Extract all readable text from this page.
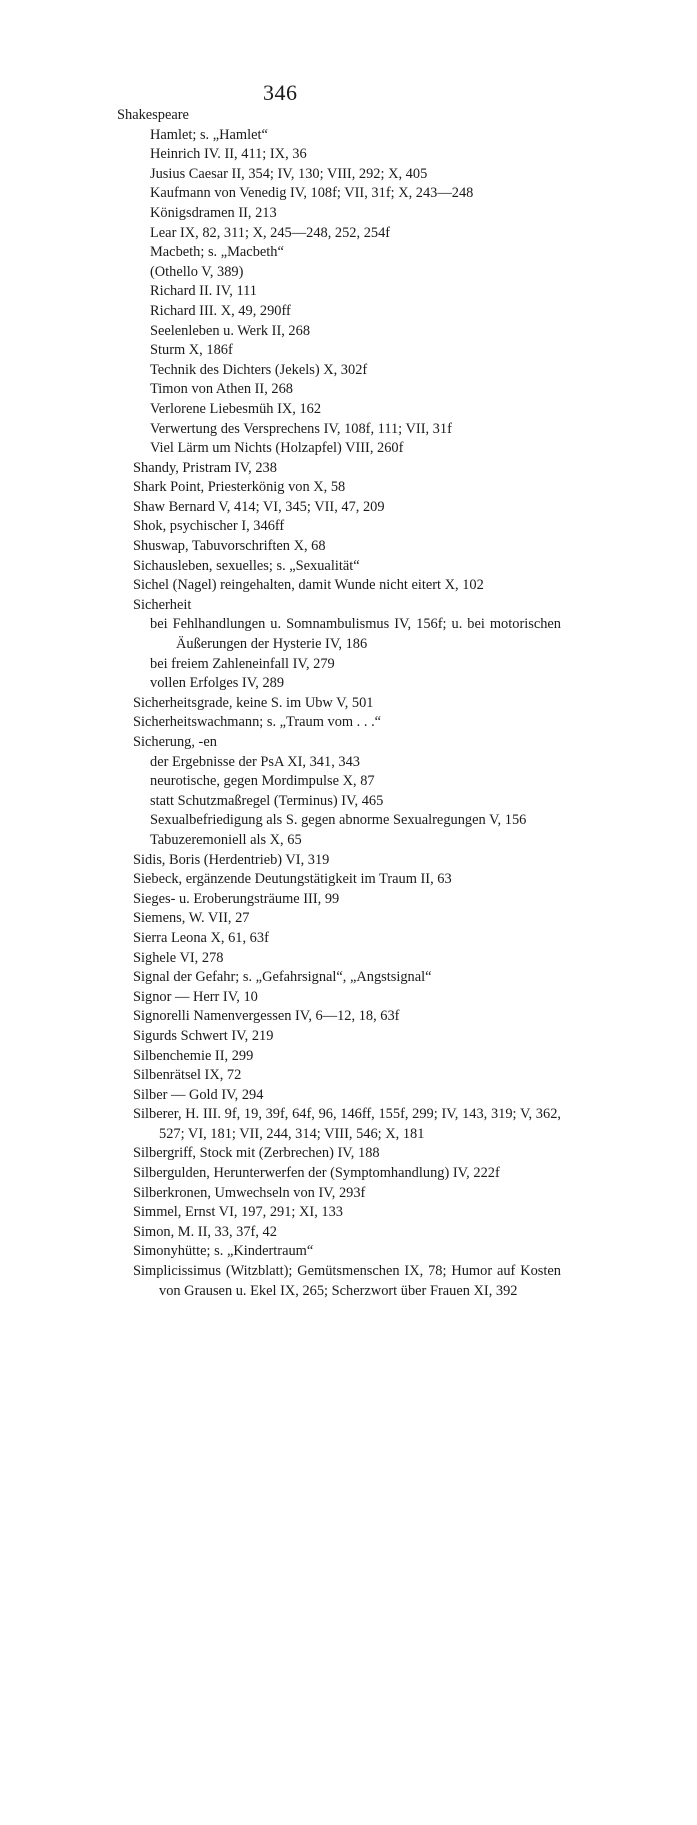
346

Shakespeare

Hamlet; s. „Hamlet“

Heinrich IV. II, 411; IX, 36

Jusius Caesar II, 354; IV, 130; VIII, 292; X, 405

Kaufmann von Venedig IV, 108f; VII, 31f; X, 243—248

Königsdramen II, 213

Lear IX, 82, 311; X, 245—248, 252, 254f

Macbeth; s. „Macbeth“

(Othello V, 389)

Richard II. IV, 111

Richard III. X, 49, 290ff

Seelenleben u. Werk II, 268

Sturm X, 186f

Technik des Dichters (Jekels) X, 302f

Timon von Athen II, 268

Verlorene Liebesmüh IX, 162

Verwertung des Versprechens IV, 108f, 111; VII, 31f

Viel Lärm um Nichts (Holzapfel) VIII, 260f

Shandy, Pristram IV, 238

Shark Point, Priesterkönig von X, 58

Shaw Bernard V, 414; VI, 345; VII, 47, 209

Shok, psychischer I, 346ff

Shuswap, Tabuvorschriften X, 68

Sichausleben, sexuelles; s. „Sexualität“

Sichel (Nagel) reingehalten, damit Wunde nicht eitert X, 102

Sicherheit

bei Fehlhandlungen u. Somnambulismus IV, 156f; u. bei motorischen Äußerungen der Hysterie IV, 186

bei freiem Zahleneinfall IV, 279

vollen Erfolges IV, 289

Sicherheitsgrade, keine S. im Ubw V, 501

Sicherheitswachmann; s. „Traum vom . . .“

Sicherung, -en

der Ergebnisse der PsA XI, 341, 343

neurotische, gegen Mordimpulse X, 87

statt Schutzmaßregel (Terminus) IV, 465

Sexualbefriedigung als S. gegen abnorme Sexualregungen V, 156

Tabuzeremoniell als X, 65

Sidis, Boris (Herdentrieb) VI, 319

Siebeck, ergänzende Deutungstätigkeit im Traum II, 63

Sieges- u. Eroberungsträume III, 99

Siemens, W. VII, 27

Sierra Leona X, 61, 63f

Sighele VI, 278

Signal der Gefahr; s. „Gefahrsignal“, „Angstsignal“

Signor — Herr IV, 10

Signorelli Namenvergessen IV, 6—12, 18, 63f

Sigurds Schwert IV, 219

Silbenchemie II, 299

Silbenrätsel IX, 72

Silber — Gold IV, 294

Silberer, H. III. 9f, 19, 39f, 64f, 96, 146ff, 155f, 299; IV, 143, 319; V, 362, 527; VI, 181; VII, 244, 314; VIII, 546; X, 181

Silbergriff, Stock mit (Zerbrechen) IV, 188

Silbergulden, Herunterwerfen der (Symptomhandlung) IV, 222f

Silberkronen, Umwechseln von IV, 293f

Simmel, Ernst VI, 197, 291; XI, 133

Simon, M. II, 33, 37f, 42

Simonyhütte; s. „Kindertraum“

Simplicissimus (Witzblatt); Gemütsmenschen IX, 78; Humor auf Kosten von Grausen u. Ekel IX, 265; Scherzwort über Frauen XI, 392
